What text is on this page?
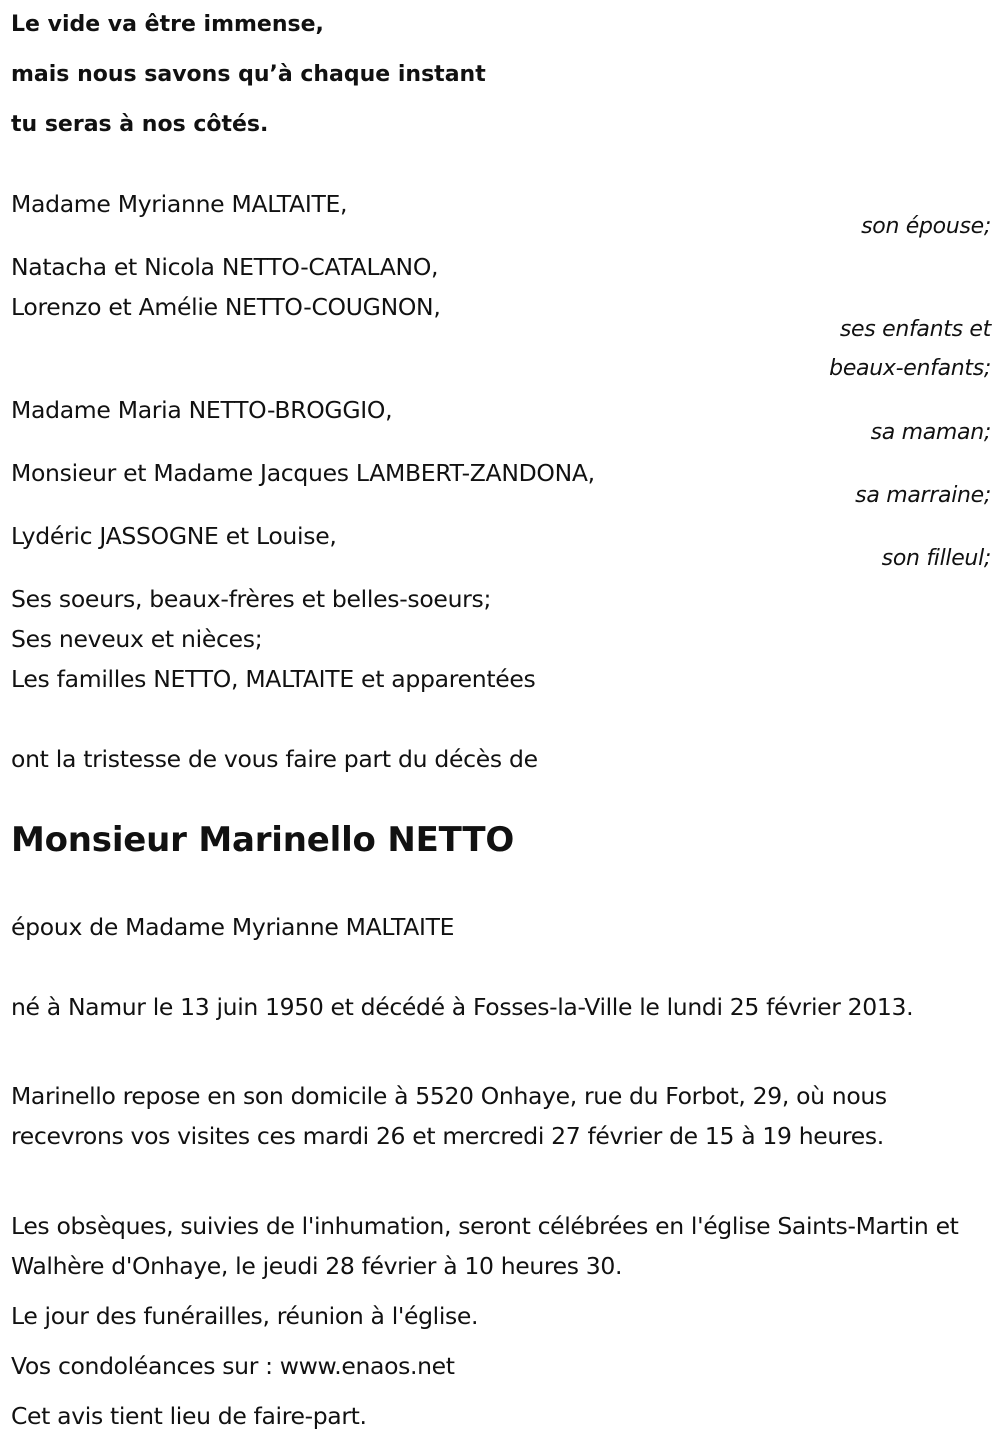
Le vide va être immense,
mais nous savons qu’à chaque instant
tu seras à nos côtés.
Madame Myrianne MALTAITE,
son épouse;
Natacha et Nicola NETTO-CATALANO,
Lorenzo et Amélie NETTO-COUGNON,
ses enfants et
beaux-enfants;
Madame Maria NETTO-BROGGIO,
sa maman;
Monsieur et Madame Jacques LAMBERT-ZANDONA,
sa marraine;
Lydéric JASSOGNE et Louise,
son filleul;
Ses soeurs, beaux-frères et belles-soeurs;
Ses neveux et nièces;
Les familles NETTO, MALTAITE et apparentées
ont la tristesse de vous faire part du décès de
Monsieur Marinello NETTO
époux de Madame Myrianne MALTAITE
né à Namur le 13 juin 1950 et décédé à Fosses-la-Ville le lundi 25 février 2013.
Marinello repose en son domicile à 5520 Onhaye, rue du Forbot, 29, où nous recevrons vos visites ces mardi 26 et mercredi 27 février de 15 à 19 heures.
Les obsèques, suivies de l'inhumation, seront célébrées en l'église Saints-Martin et Walhère d'Onhaye, le jeudi 28 février à 10 heures 30.
Le jour des funérailles, réunion à l'église.
Vos condoléances sur : www.enaos.net
Cet avis tient lieu de faire-part.
